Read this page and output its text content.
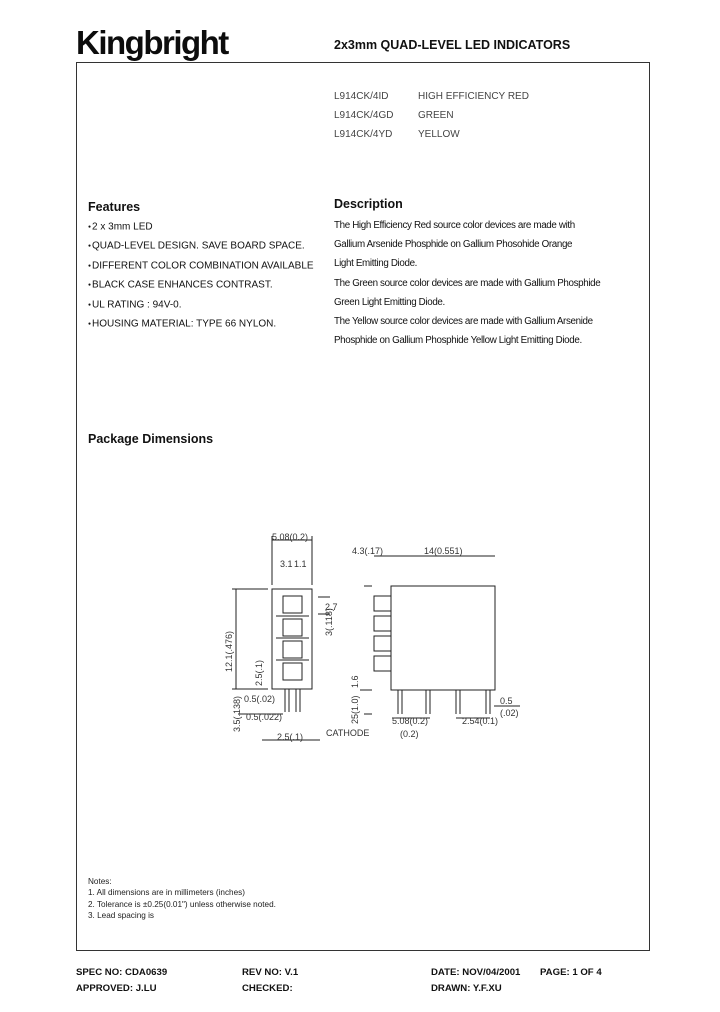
Kingbright	2x3mm QUAD-LEVEL LED INDICATORS
L914CK/4ID	HIGH EFFICIENCY RED
L914CK/4GD GREEN
L914CK/4YD	YELLOW
Features
● 2 x 3mm LED
● QUAD-LEVEL DESIGN. SAVE BOARD SPACE.
● DIFFERENT COLOR COMBINATION AVAILABLE
● BLACK CASE ENHANCES CONTRAST.
● UL RATING : 94V-0.
● HOUSING MATERIAL: TYPE 66 NYLON.
Description
The High Efficiency Red source color devices are made with
Gallium Arsenide Phosphide on Gallium Phosohide Orange
Light Emitting Diode.
The Green source color devices are made with Gallium Phosphide
Green Light Emitting Diode.
The Yellow source color devices are made with Gallium Arsenide
Phosphide on Gallium Phosphide Yellow Light Emitting Diode.
Package Dimensions
5.08(0.2)
3.1 1.1
2.7
3(.118)
2.5(.1)
12.1(.476)
3.5(.138) 0.5(.02)
0.5(.022)
2.5(.1)	CATHODE
4.3(.17)	14(0.551)
1.6
25(1.0)	5.08(0.2)
(0.2)
2.54(0.1)
0.5
(.02)
Notes:
1. All dimensions are in millimeters (inches)
2. Tolerance is ±0.25(0.01") unless otherwise noted.
3. Lead spacing is
SPEC NO: CDA0639	REV NO: V.1	DATE: NOV/04/2001 PAGE: 1 OF 4
APPROVED: J.LU	CHECKED:	DRAWN: Y.F.XU
